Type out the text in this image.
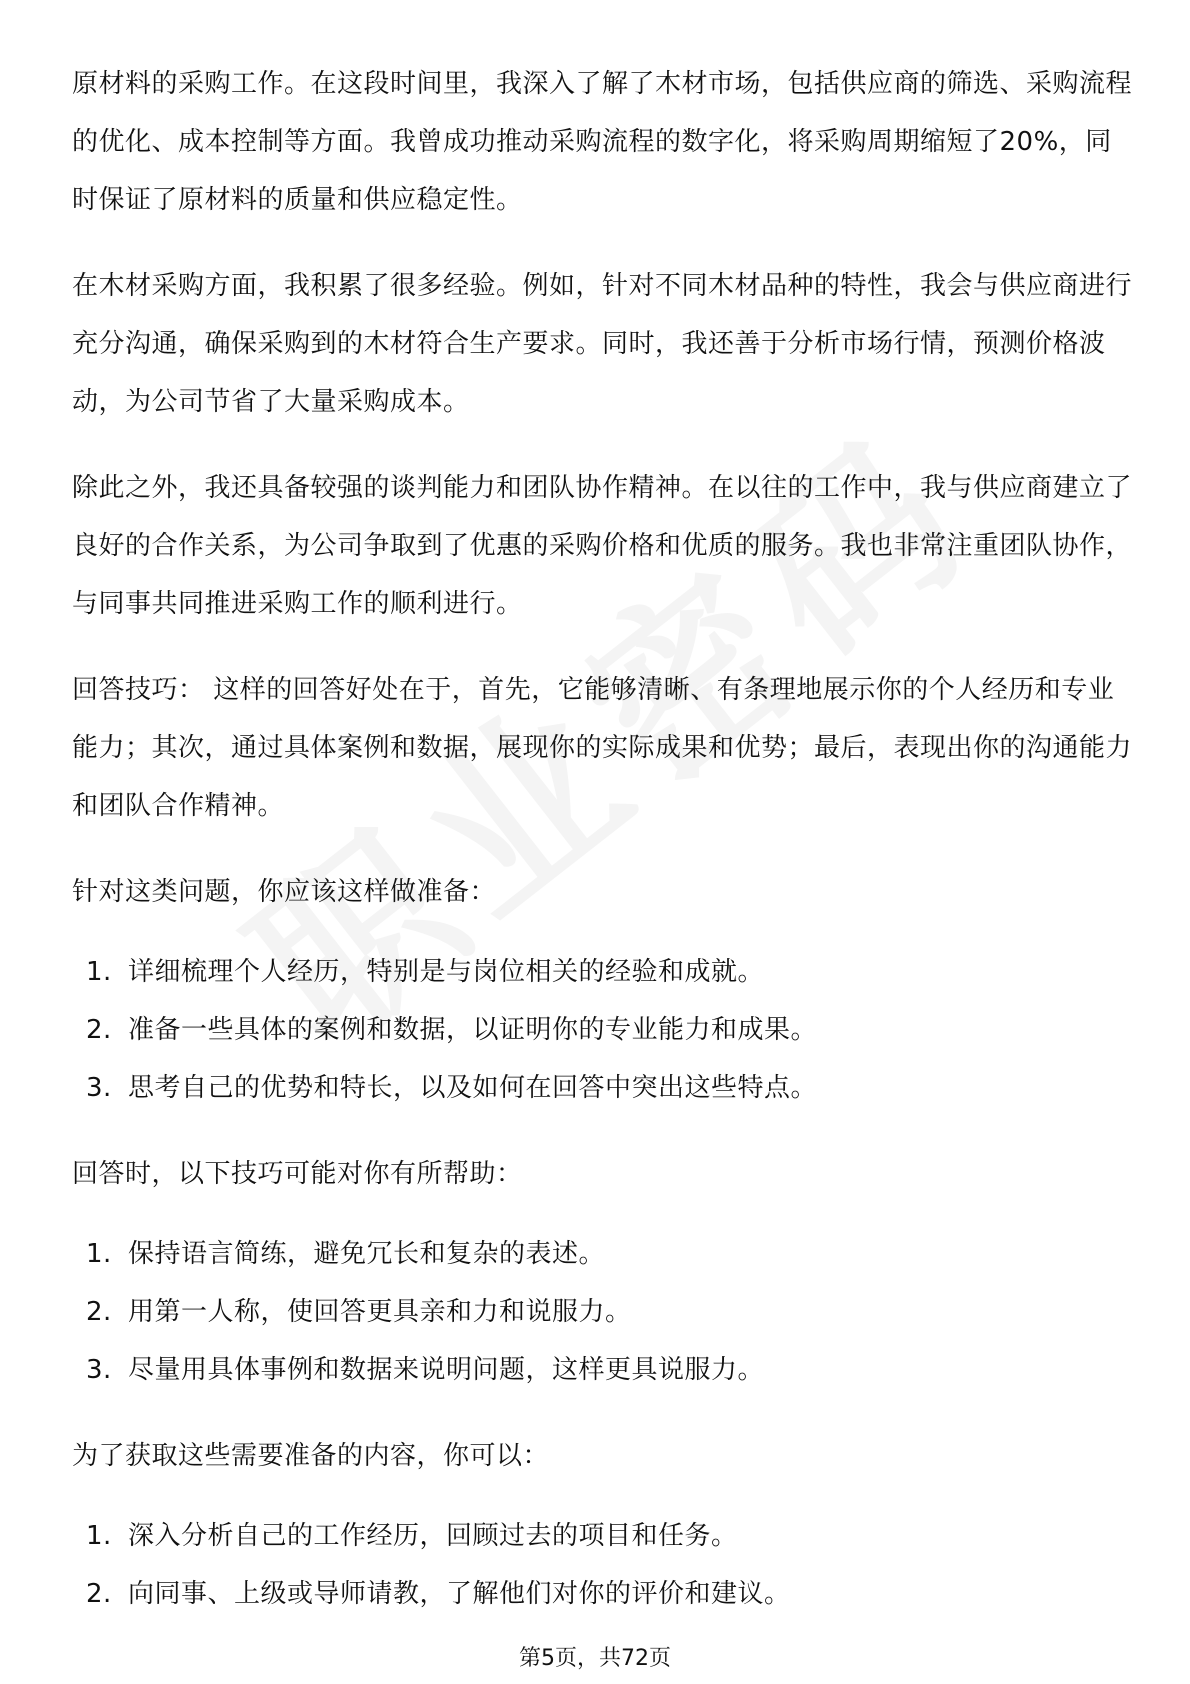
原材料的采购工作。在这段时间里，我深入了解了木材市场，包括供应商的筛选、采购流程的优化、成本控制等方面。我曾成功推动采购流程的数字化，将采购周期缩短了20%，同时保证了原材料的质量和供应稳定性。

在木材采购方面，我积累了很多经验。例如，针对不同木材品种的特性，我会与供应商进行充分沟通，确保采购到的木材符合生产要求。同时，我还善于分析市场行情，预测价格波动，为公司节省了大量采购成本。

除此之外，我还具备较强的谈判能力和团队协作精神。在以往的工作中，我与供应商建立了良好的合作关系，为公司争取到了优惠的采购价格和优质的服务。我也非常注重团队协作，与同事共同推进采购工作的顺利进行。

回答技巧： 这样的回答好处在于，首先，它能够清晰、有条理地展示你的个人经历和专业能力；其次，通过具体案例和数据，展现你的实际成果和优势；最后，表现出你的沟通能力和团队合作精神。

针对这类问题，你应该这样做准备：

1. 详细梳理个人经历，特别是与岗位相关的经验和成就。
2. 准备一些具体的案例和数据，以证明你的专业能力和成果。
3. 思考自己的优势和特长，以及如何在回答中突出这些特点。

回答时，以下技巧可能对你有所帮助：

1. 保持语言简练，避免冗长和复杂的表述。
2. 用第一人称，使回答更具亲和力和说服力。
3. 尽量用具体事例和数据来说明问题，这样更具说服力。

为了获取这些需要准备的内容，你可以：

1. 深入分析自己的工作经历，回顾过去的项目和任务。
2. 向同事、上级或导师请教，了解他们对你的评价和建议。
第5页，共72页
